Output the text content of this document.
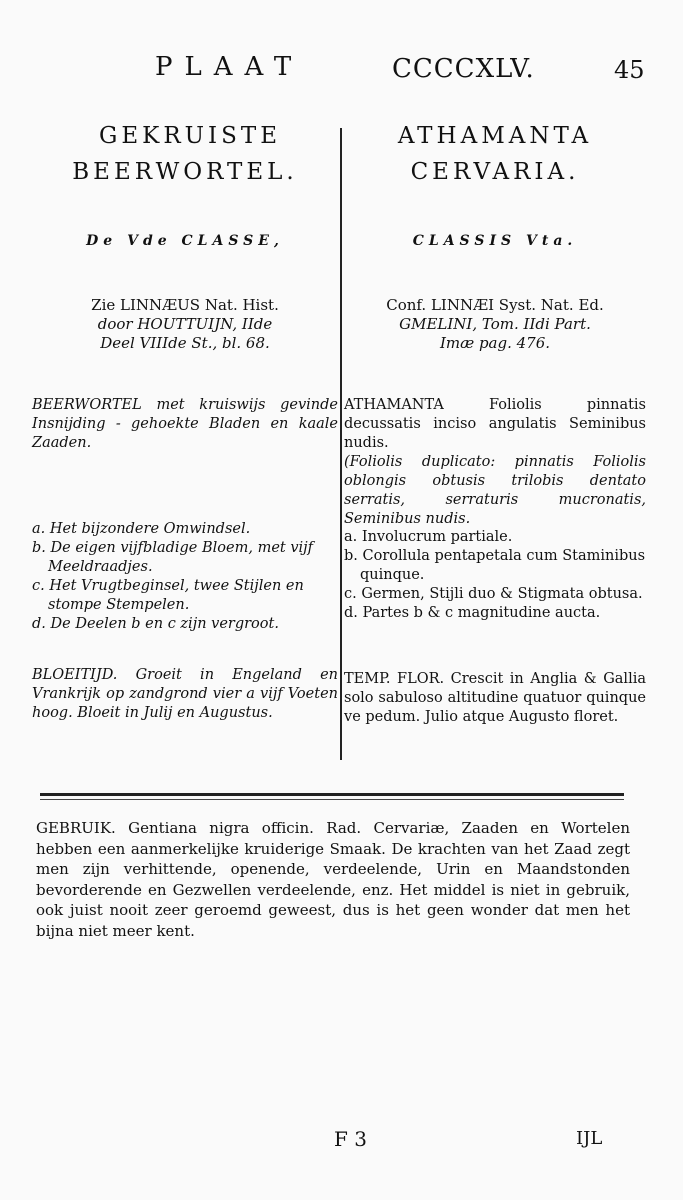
PLAAT	CCCCXLV.	45
GEKRUISTE
BEERWORTEL.
De Vde CLASSE,
Zie LINNÆUS Nat. Hist.
door HOUTTUIJN, IIde
Deel VIIIde St., bl. 68.
BEERWORTEL met kruiswijs gevinde Insnijding - gehoekte Bladen en kaale Zaaden.

a. Het bijzondere Omwindsel.

b. De eigen vijfbladige Bloem, met vijf Meeldraadjes.

c. Het Vrugtbeginsel, twee Stijlen en stompe Stempelen.

d. De Deelen b en c zijn vergroot.

BLOEITIJD. Groeit in Engeland en Vrankrijk op zandgrond vier a vijf Voeten hoog. Bloeit in Julij en Augustus.
ATHAMANTA
CERVARIA.
CLASSIS Vta.
Conf. LINNÆI Syst. Nat. Ed.
GMELINI, Tom. IIdi Part.
Imæ pag. 476.

ATHAMANTA Foliolis pinnatis decussatis inciso angulatis Seminibus nudis.

(Foliolis duplicato: pinnatis Foliolis oblongis obtusis trilobis dentato serratis, serraturis mucronatis, Seminibus nudis.

a. Involucrum partiale.

b. Corollula pentapetala cum Staminibus quinque.

c. Germen, Stijli duo & Stigmata obtusa.

d. Partes b & c magnitudine aucta.

TEMP. FLOR. Crescit in Anglia & Gallia solo sabuloso altitudine quatuor quinque ve pedum. Julio atque Augusto floret.
GEBRUIK. Gentiana nigra officin. Rad. Cervariæ, Zaaden en Wortelen hebben een aanmerkelijke kruiderige Smaak. De krachten van het Zaad zegt men zijn verhittende, openende, verdeelende, Urin en Maandstonden bevorderende en Gezwellen verdeelende, enz. Het middel is niet in gebruik, ook juist nooit zeer geroemd geweest, dus is het geen wonder dat men het bijna niet meer kent.
F 3	IJL
